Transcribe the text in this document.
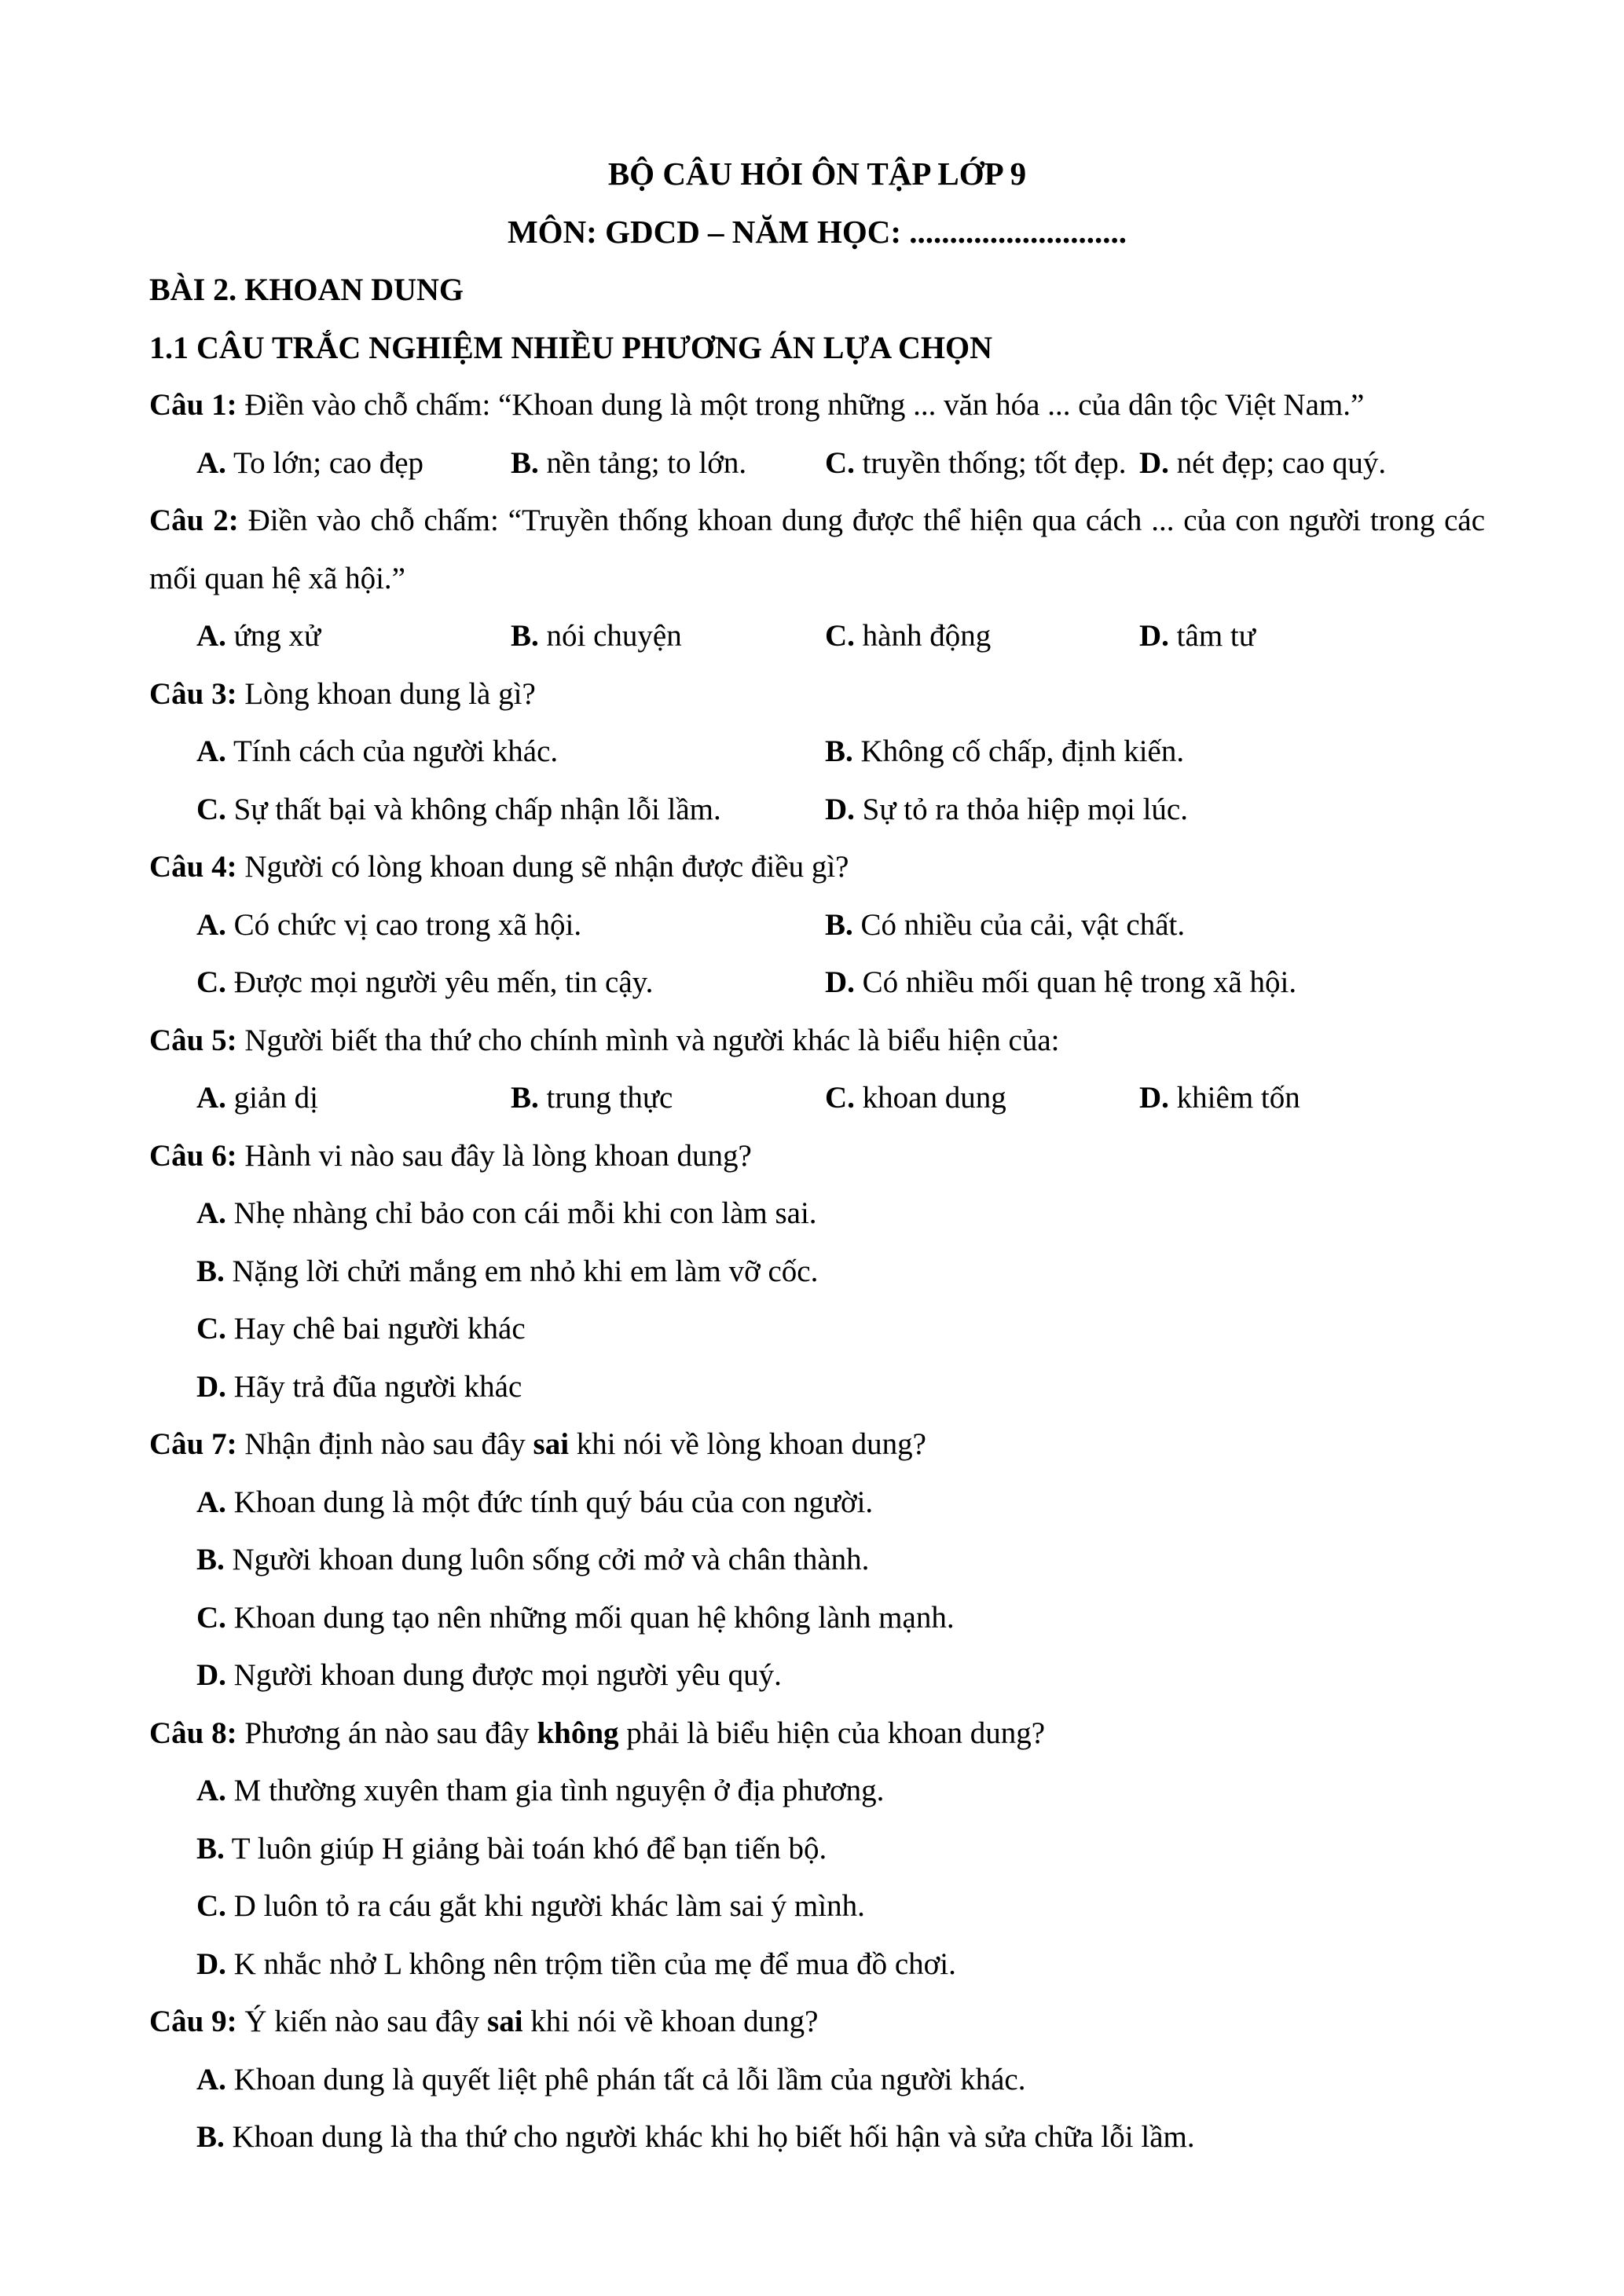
BỘ CÂU HỎI ÔN TẬP LỚP 9
MÔN: GDCD – NĂM HỌC: ...........................
BÀI 2. KHOAN DUNG
1.1 CÂU TRẮC NGHIỆM NHIỀU PHƯƠNG ÁN LỰA CHỌN

Câu 1: Điền vào chỗ chấm: “Khoan dung là một trong những ... văn hóa ... của dân tộc Việt Nam.”

A. To lớn; cao đẹp	B. nền tảng; to lớn.	C. truyền thống; tốt đẹp. D. nét đẹp; cao quý.

Câu 2: Điền vào chỗ chấm: “Truyền thống khoan dung được thể hiện qua cách ... của con người trong các mối quan hệ xã hội.”

A. ứng xử	B. nói chuyện	C. hành động	D. tâm tư

Câu 3: Lòng khoan dung là gì?

A. Tính cách của người khác.	B. Không cố chấp, định kiến.
C. Sự thất bại và không chấp nhận lỗi lầm.	D. Sự tỏ ra thỏa hiệp mọi lúc.

Câu 4: Người có lòng khoan dung sẽ nhận được điều gì?

A. Có chức vị cao trong xã hội.	B. Có nhiều của cải, vật chất.
C. Được mọi người yêu mến, tin cậy.	D. Có nhiều mối quan hệ trong xã hội.

Câu 5: Người biết tha thứ cho chính mình và người khác là biểu hiện của:

A. giản dị	B. trung thực	C. khoan dung	D. khiêm tốn

Câu 6: Hành vi nào sau đây là lòng khoan dung?

A. Nhẹ nhàng chỉ bảo con cái mỗi khi con làm sai.
B. Nặng lời chửi mắng em nhỏ khi em làm vỡ cốc.
C. Hay chê bai người khác
D. Hãy trả đũa người khác

Câu 7: Nhận định nào sau đây sai khi nói về lòng khoan dung?

A. Khoan dung là một đức tính quý báu của con người.
B. Người khoan dung luôn sống cởi mở và chân thành.
C. Khoan dung tạo nên những mối quan hệ không lành mạnh.
D. Người khoan dung được mọi người yêu quý.

Câu 8: Phương án nào sau đây không phải là biểu hiện của khoan dung?

A. M thường xuyên tham gia tình nguyện ở địa phương.
B. T luôn giúp H giảng bài toán khó để bạn tiến bộ.
C. D luôn tỏ ra cáu gắt khi người khác làm sai ý mình.
D. K nhắc nhở L không nên trộm tiền của mẹ để mua đồ chơi.

Câu 9: Ý kiến nào sau đây sai khi nói về khoan dung?

A. Khoan dung là quyết liệt phê phán tất cả lỗi lầm của người khác.
B. Khoan dung là tha thứ cho người khác khi họ biết hối hận và sửa chữa lỗi lầm.
